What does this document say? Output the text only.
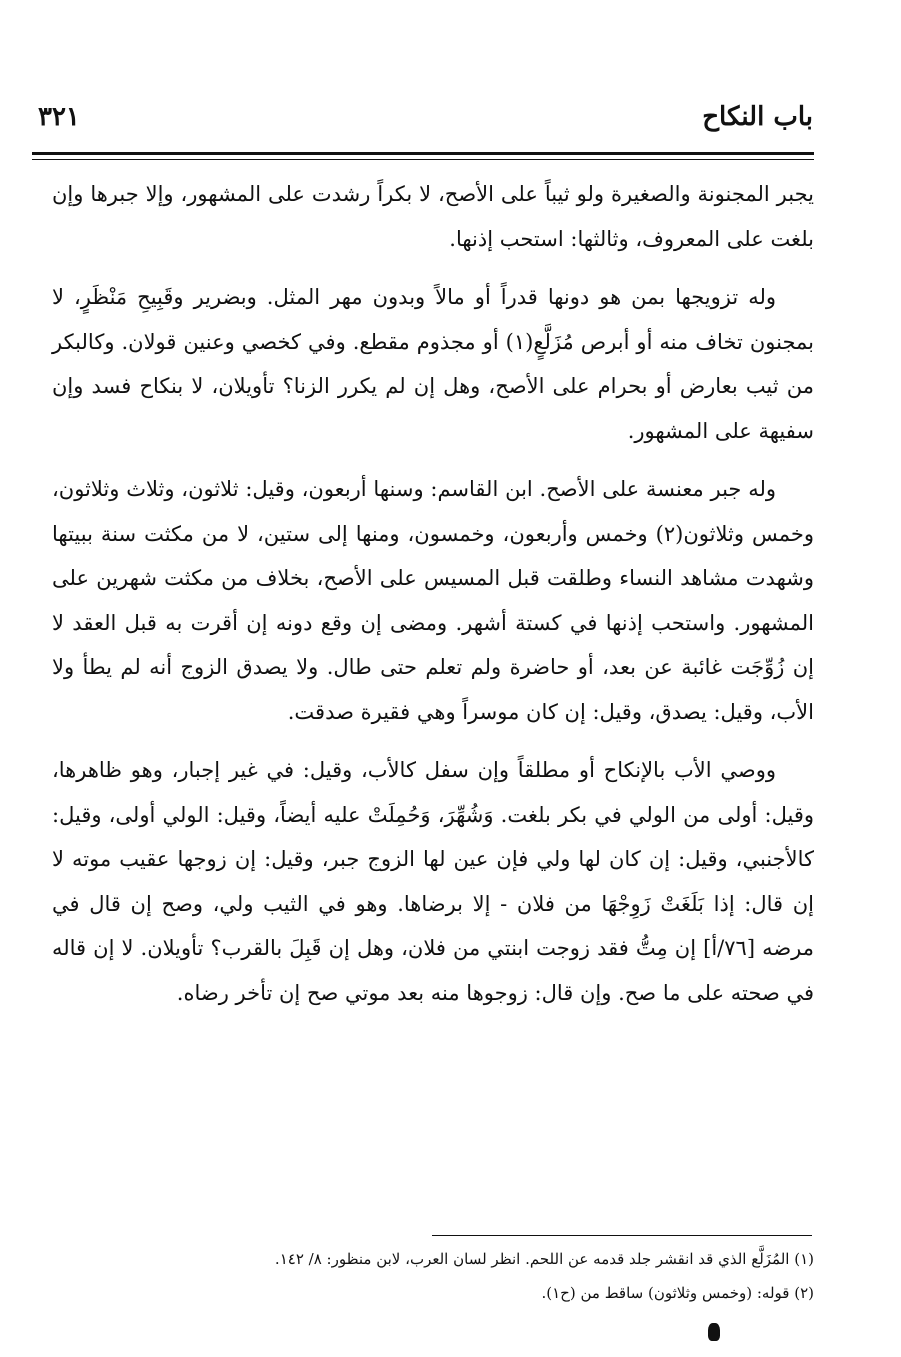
باب النكاح
٣٢١

يجبر المجنونة والصغيرة ولو ثيباً على الأصح، لا بكراً رشدت على المشهور، وإلا جبرها وإن بلغت على المعروف، وثالثها: استحب إذنها.

وله تزويجها بمن هو دونها قدراً أو مالاً وبدون مهر المثل. وبضرير وقَبِيحِ مَنْظَرٍ، لا بمجنون تخاف منه أو أبرص مُزَلَّعٍ(١) أو مجذوم مقطع. وفي كخصي وعنين قولان. وكالبكر من ثيب بعارض أو بحرام على الأصح، وهل إن لم يكرر الزنا؟ تأويلان، لا بنكاح فسد وإن سفيهة على المشهور.

وله جبر معنسة على الأصح. ابن القاسم: وسنها أربعون، وقيل: ثلاثون، وثلاث وثلاثون، وخمس وثلاثون(٢) وخمس وأربعون، وخمسون، ومنها إلى ستين، لا من مكثت سنة ببيتها وشهدت مشاهد النساء وطلقت قبل المسيس على الأصح، بخلاف من مكثت شهرين على المشهور. واستحب إذنها في كستة أشهر. ومضى إن وقع دونه إن أقرت به قبل العقد لا إن زُوِّجَت غائبة عن بعد، أو حاضرة ولم تعلم حتى طال. ولا يصدق الزوج أنه لم يطأ ولا الأب، وقيل: يصدق، وقيل: إن كان موسراً وهي فقيرة صدقت.

ووصي الأب بالإنكاح أو مطلقاً وإن سفل كالأب، وقيل: في غير إجبار، وهو ظاهرها، وقيل: أولى من الولي في بكر بلغت. وَشُهِّرَ، وَحُمِلَتْ عليه أيضاً، وقيل: الولي أولى، وقيل: كالأجنبي، وقيل: إن كان لها ولي فإن عين لها الزوج جبر، وقيل: إن زوجها عقيب موته لا إن قال: إذا بَلَغَتْ زَوِجْهَا من فلان - إلا برضاها. وهو في الثيب ولي، وصح إن قال في مرضه [٧٦/أ] إن مِتُّ فقد زوجت ابنتي من فلان، وهل إن قَبِلَ بالقرب؟ تأويلان. لا إن قاله في صحته على ما صح. وإن قال: زوجوها منه بعد موتي صح إن تأخر رضاه.

(١) المُزَلَّع الذي قد انقشر جلد قدمه عن اللحم. انظر لسان العرب، لابن منظور: ٨/ ١٤٢.

(٢) قوله: (وخمس وثلاثون) ساقط من (ح١).
